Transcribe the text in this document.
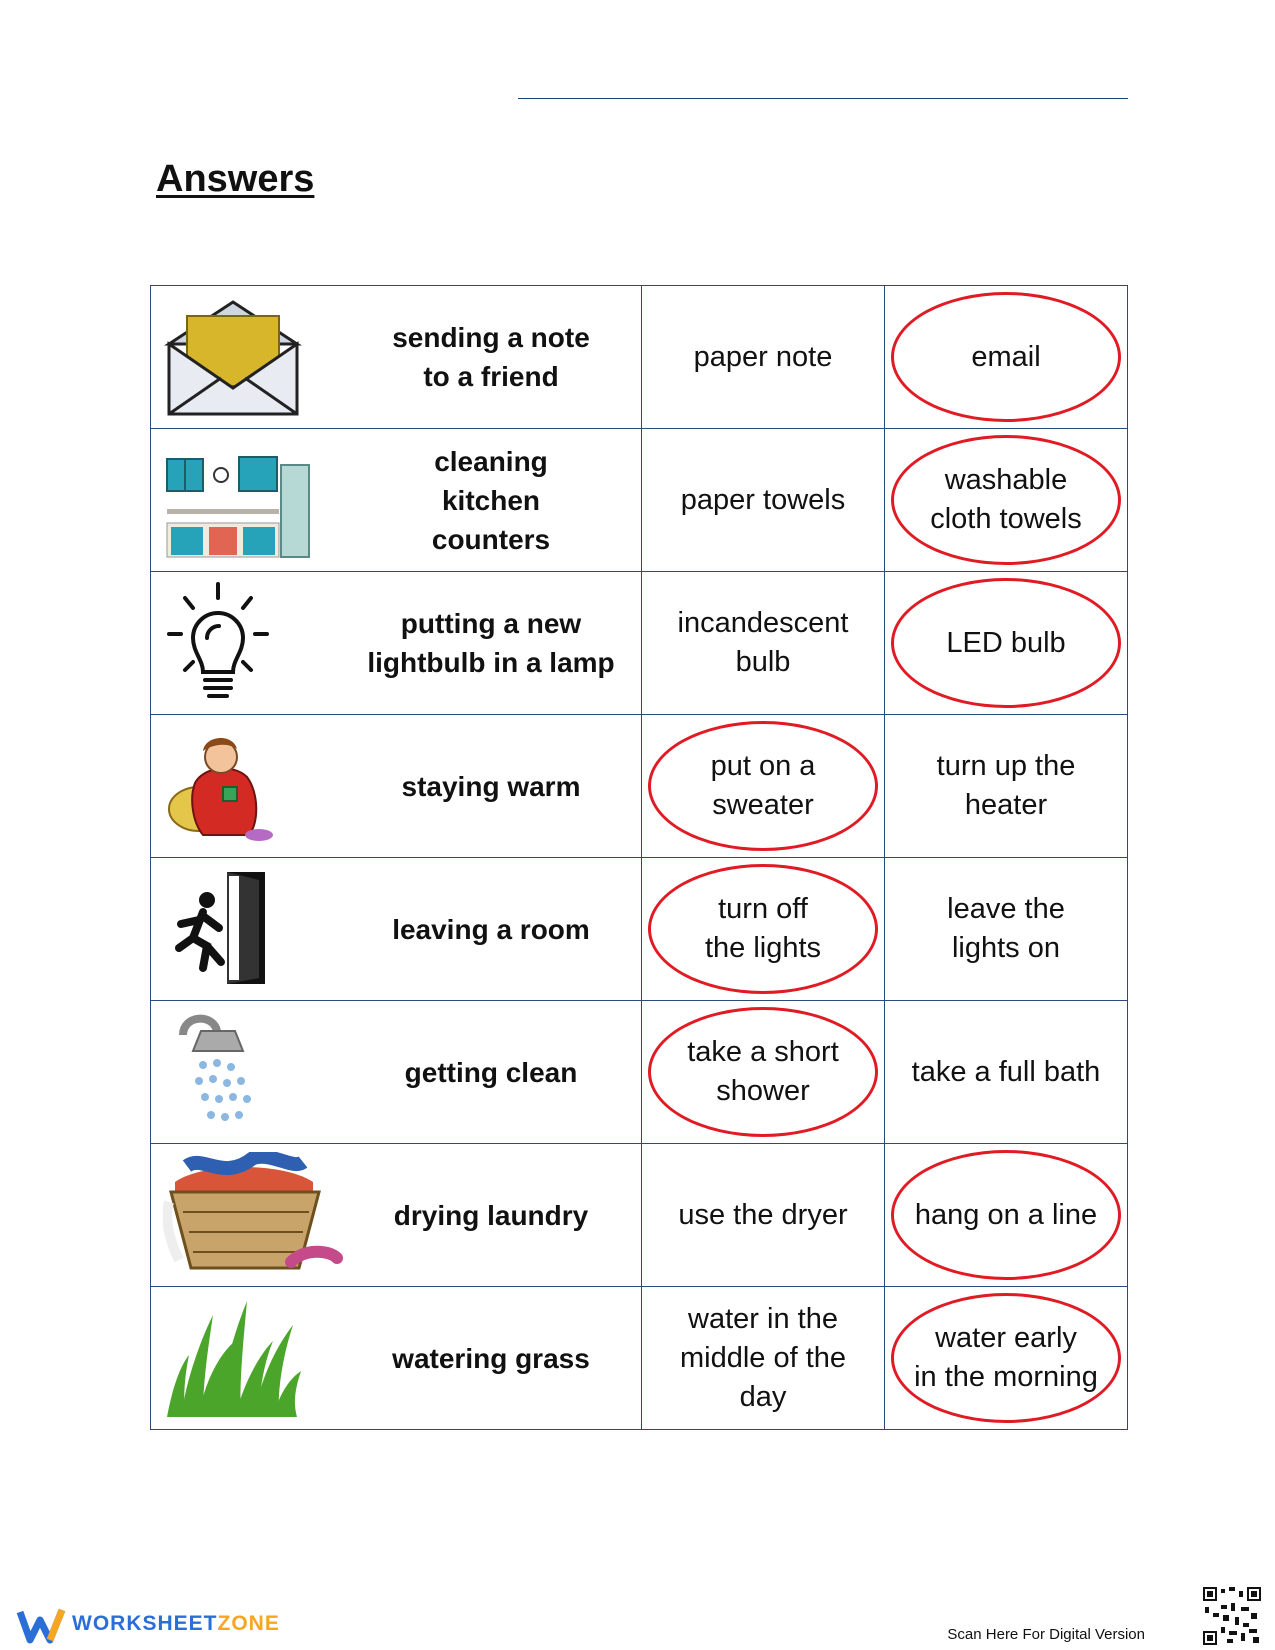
Answers
	sending a note
to a friend	paper note	email

	cleaning
kitchen
counters	paper towels	washable
cloth towels

	putting a new
lightbulb in a lamp	incandescent
bulb	LED bulb

	staying warm	put on a
sweater	turn up the
heater

	leaving a room	turn off
the lights	leave the
lights on

	getting clean	take a short
shower	take a full bath

	drying laundry	use the dryer	hang on a line

	watering grass	water in the
middle of the
day	water early
in the morning
WORKSHEETZONE	Scan Here For Digital Version
